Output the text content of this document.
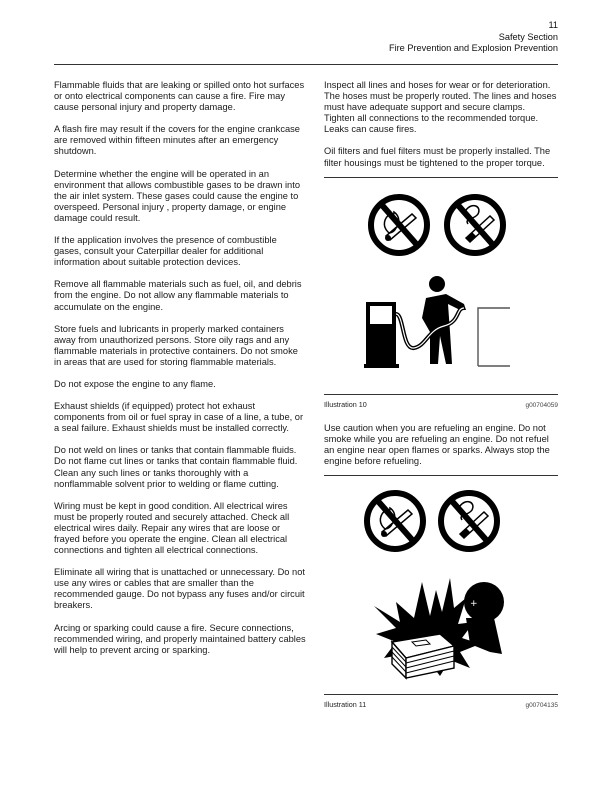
11
Safety Section
Fire Prevention and Explosion Prevention

Flammable fluids that are leaking or spilled onto hot surfaces or onto electrical components can cause a fire. Fire may cause personal injury and property damage.

A flash fire may result if the covers for the engine crankcase are removed within fifteen minutes after an emergency shutdown.

Determine whether the engine will be operated in an environment that allows combustible gases to be drawn into the air inlet system. These gases could cause the engine to overspeed. Personal injury , property damage, or engine damage could result.

If the application involves the presence of combustible gases, consult your Caterpillar dealer for additional information about suitable protection devices.

Remove all flammable materials such as fuel, oil, and debris from the engine. Do not allow any flammable materials to accumulate on the engine.

Store fuels and lubricants in properly marked containers away from unauthorized persons. Store oily rags and any flammable materials in protective containers. Do not smoke in areas that are used for storing flammable materials.

Do not expose the engine to any flame.

Exhaust shields (if equipped) protect hot exhaust components from oil or fuel spray in case of a line, a tube, or a seal failure. Exhaust shields must be installed correctly.

Do not weld on lines or tanks that contain flammable fluids. Do not flame cut lines or tanks that contain flammable fluid. Clean any such lines or tanks thoroughly with a nonflammable solvent prior to welding or flame cutting.

Wiring must be kept in good condition. All electrical wires must be properly routed and securely attached. Check all electrical wires daily. Repair any wires that are loose or frayed before you operate the engine. Clean all electrical connections and tighten all electrical connections.

Eliminate all wiring that is unattached or unnecessary. Do not use any wires or cables that are smaller than the recommended gauge. Do not bypass any fuses and/or circuit breakers.

Arcing or sparking could cause a fire. Secure connections, recommended wiring, and properly maintained battery cables will help to prevent arcing or sparking.

Inspect all lines and hoses for wear or for deterioration. The hoses must be properly routed. The lines and hoses must have adequate support and secure clamps. Tighten all connections to the recommended torque. Leaks can cause fires.

Oil filters and fuel filters must be properly installed. The filter housings must be tightened to the proper torque.

Illustration 10	g00704059

Use caution when you are refueling an engine. Do not smoke while you are refueling an engine. Do not refuel an engine near open flames or sparks. Always stop the engine before refueling.

+
Illustration 11	g00704135
